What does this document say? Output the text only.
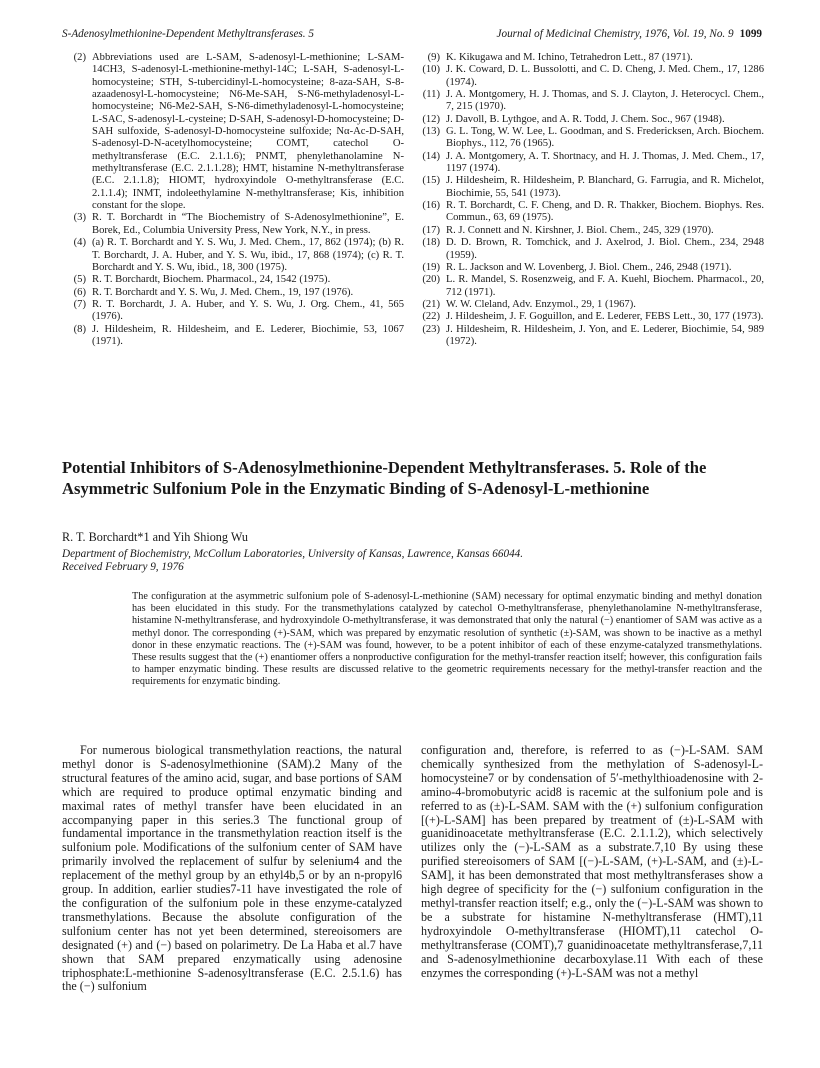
S-Adenosylmethionine-Dependent Methyltransferases. 5	Journal of Medicinal Chemistry, 1976, Vol. 19, No. 9 1099
(2) Abbreviations used are L-SAM, S-adenosyl-L-methionine; L-SAM-14CH3, S-adenosyl-L-methionine-methyl-14C; L-SAH, S-adenosyl-L-homocysteine; STH, S-tubercidinyl-L-homocysteine; 8-aza-SAH, S-8-azaadenosyl-L-homocysteine; N6-Me-SAH, S-N6-methyladenosyl-L-homocysteine; N6-Me2-SAH, S-N6-dimethyladenosyl-L-homocysteine; L-SAC, S-adenosyl-L-cysteine; D-SAH, S-adenosyl-D-homocysteine; D-SAH sulfoxide, S-adenosyl-D-homocysteine sulfoxide; Nα-Ac-D-SAH, S-adenosyl-D-N-acetylhomocysteine; COMT, catechol O-methyltransferase (E.C. 2.1.1.6); PNMT, phenylethanolamine N-methyltransferase (E.C. 2.1.1.28); HMT, histamine N-methyltransferase (E.C. 2.1.1.8); HIOMT, hydroxyindole O-methyltransferase (E.C. 2.1.1.4); INMT, indoleethylamine N-methyltransferase; Kis, inhibition constant for the slope.
(3) R. T. Borchardt in “The Biochemistry of S-Adenosylmethionine”, E. Borek, Ed., Columbia University Press, New York, N.Y., in press.
(4) (a) R. T. Borchardt and Y. S. Wu, J. Med. Chem., 17, 862 (1974); (b) R. T. Borchardt, J. A. Huber, and Y. S. Wu, ibid., 17, 868 (1974); (c) R. T. Borchardt and Y. S. Wu, ibid., 18, 300 (1975).
(5) R. T. Borchardt, Biochem. Pharmacol., 24, 1542 (1975).
(6) R. T. Borchardt and Y. S. Wu, J. Med. Chem., 19, 197 (1976).
(7) R. T. Borchardt, J. A. Huber, and Y. S. Wu, J. Org. Chem., 41, 565 (1976).
(8) J. Hildesheim, R. Hildesheim, and E. Lederer, Biochimie, 53, 1067 (1971).
(9) K. Kikugawa and M. Ichino, Tetrahedron Lett., 87 (1971).
(10) J. K. Coward, D. L. Bussolotti, and C. D. Cheng, J. Med. Chem., 17, 1286 (1974).
(11) J. A. Montgomery, H. J. Thomas, and S. J. Clayton, J. Heterocycl. Chem., 7, 215 (1970).
(12) J. Davoll, B. Lythgoe, and A. R. Todd, J. Chem. Soc., 967 (1948).
(13) G. L. Tong, W. W. Lee, L. Goodman, and S. Fredericksen, Arch. Biochem. Biophys., 112, 76 (1965).
(14) J. A. Montgomery, A. T. Shortnacy, and H. J. Thomas, J. Med. Chem., 17, 1197 (1974).
(15) J. Hildesheim, R. Hildesheim, P. Blanchard, G. Farrugia, and R. Michelot, Biochimie, 55, 541 (1973).
(16) R. T. Borchardt, C. F. Cheng, and D. R. Thakker, Biochem. Biophys. Res. Commun., 63, 69 (1975).
(17) R. J. Connett and N. Kirshner, J. Biol. Chem., 245, 329 (1970).
(18) D. D. Brown, R. Tomchick, and J. Axelrod, J. Biol. Chem., 234, 2948 (1959).
(19) R. L. Jackson and W. Lovenberg, J. Biol. Chem., 246, 2948 (1971).
(20) L. R. Mandel, S. Rosenzweig, and F. A. Kuehl, Biochem. Pharmacol., 20, 712 (1971).
(21) W. W. Cleland, Adv. Enzymol., 29, 1 (1967).
(22) J. Hildesheim, J. F. Goguillon, and E. Lederer, FEBS Lett., 30, 177 (1973).
(23) J. Hildesheim, R. Hildesheim, J. Yon, and E. Lederer, Biochimie, 54, 989 (1972).
Potential Inhibitors of S-Adenosylmethionine-Dependent Methyltransferases. 5. Role of the Asymmetric Sulfonium Pole in the Enzymatic Binding of S-Adenosyl-L-methionine
R. T. Borchardt*1 and Yih Shiong Wu
Department of Biochemistry, McCollum Laboratories, University of Kansas, Lawrence, Kansas 66044.
Received February 9, 1976
The configuration at the asymmetric sulfonium pole of S-adenosyl-L-methionine (SAM) necessary for optimal enzymatic binding and methyl donation has been elucidated in this study. For the transmethylations catalyzed by catechol O-methyltransferase, phenylethanolamine N-methyltransferase, histamine N-methyltransferase, and hydroxyindole O-methyltransferase, it was demonstrated that only the natural (−) enantiomer of SAM was active as a methyl donor. The corresponding (+)-SAM, which was prepared by enzymatic resolution of synthetic (±)-SAM, was shown to be inactive as a methyl donor in these enzymatic reactions. The (+)-SAM was found, however, to be a potent inhibitor of each of these enzyme-catalyzed transmethylations. These results suggest that the (+) enantiomer offers a nonproductive configuration for the methyl-transfer reaction itself; however, this configuration fails to hamper enzymatic binding. These results are discussed relative to the geometric requirements necessary for the methyl-transfer reaction and the requirements for enzymatic binding.

For numerous biological transmethylation reactions, the natural methyl donor is S-adenosylmethionine (SAM).2 Many of the structural features of the amino acid, sugar, and base portions of SAM which are required to produce optimal enzymatic binding and maximal rates of methyl transfer have been elucidated in an accompanying paper in this series.3 The functional group of fundamental importance in the transmethylation reaction itself is the sulfonium pole. Modifications of the sulfonium center of SAM have primarily involved the replacement of sulfur by selenium4 and the replacement of the methyl group by an ethyl4b,5 or by an n-propyl6 group. In addition, earlier studies7-11 have investigated the role of the configuration of the sulfonium pole in these enzyme-catalyzed transmethylations. Because the absolute configuration of the sulfonium center has not yet been determined, stereoisomers are designated (+) and (−) based on polarimetry. De La Haba et al.7 have shown that SAM prepared enzymatically using adenosine triphosphate:L-methionine S-adenosyltransferase (E.C. 2.5.1.6) has the (−) sulfonium

configuration and, therefore, is referred to as (−)-L-SAM. SAM chemically synthesized from the methylation of S-adenosyl-L-homocysteine7 or by condensation of 5′-methylthioadenosine with 2-amino-4-bromobutyric acid8 is racemic at the sulfonium pole and is referred to as (±)-L-SAM. SAM with the (+) sulfonium configuration [(+)-L-SAM] has been prepared by treatment of (±)-L-SAM with guanidinoacetate methyltransferase (E.C. 2.1.1.2), which selectively utilizes only the (−)-L-SAM as a substrate.7,10 By using these purified stereoisomers of SAM [(−)-L-SAM, (+)-L-SAM, and (±)-L-SAM], it has been demonstrated that most methyltransferases show a high degree of specificity for the (−) sulfonium configuration in the methyl-transfer reaction itself; e.g., only the (−)-L-SAM was shown to be a substrate for histamine N-methyltransferase (HMT),11 hydroxyindole O-methyltransferase (HIOMT),11 catechol O-methyltransferase (COMT),7 guanidinoacetate methyltransferase,7,11 and S-adenosylmethionine decarboxylase.11 With each of these enzymes the corresponding (+)-L-SAM was not a methyl
